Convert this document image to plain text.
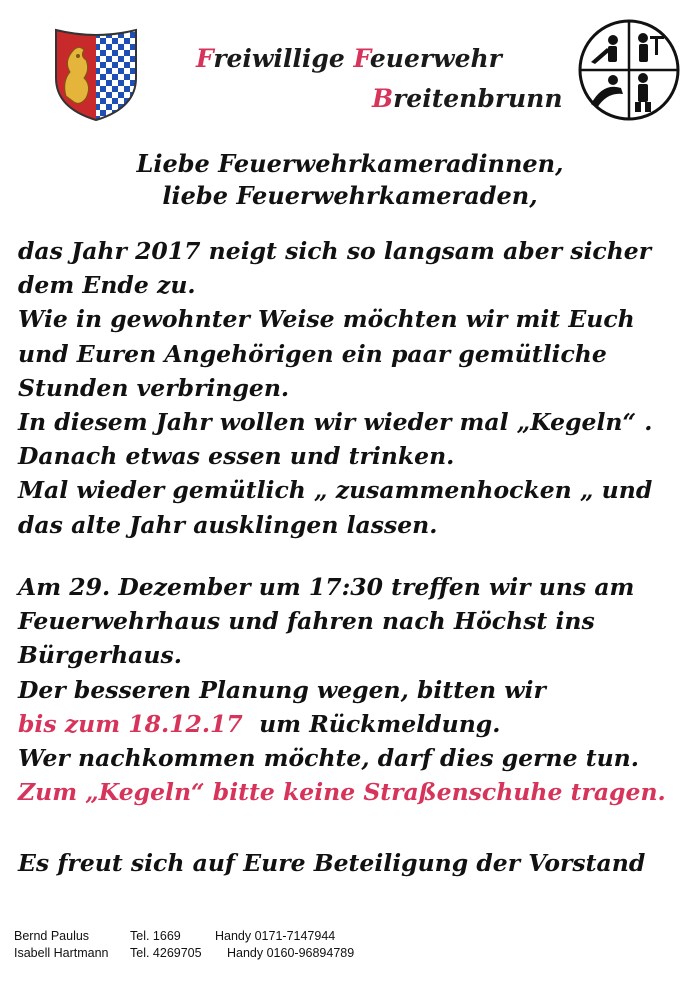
Freiwillige Feuerwehr
Breitenbrunn
Liebe Feuerwehrkameradinnen,
liebe Feuerwehrkameraden,
das Jahr 2017 neigt sich so langsam aber sicher
dem Ende zu.
Wie in gewohnter Weise möchten wir mit Euch
und Euren Angehörigen ein paar gemütliche
Stunden verbringen.
In diesem Jahr wollen wir wieder mal „Kegeln“ .
Danach etwas essen und trinken.
Mal wieder gemütlich „ zusammenhocken „ und
das alte Jahr ausklingen lassen.
Am 29. Dezember um 17:30 treffen wir uns am
Feuerwehrhaus und fahren nach Höchst ins
Bürgerhaus.
Der besseren Planung wegen, bitten wir
bis zum 18.12.17 um Rückmeldung.
Wer nachkommen möchte, darf dies gerne tun.
Zum „Kegeln“ bitte keine Straßenschuhe tragen.
Es freut sich auf Eure Beteiligung der Vorstand
Bernd Paulus	Tel. 1669	Handy 0171-7147944
Isabell Hartmann Tel. 4269705 Handy 0160-96894789
